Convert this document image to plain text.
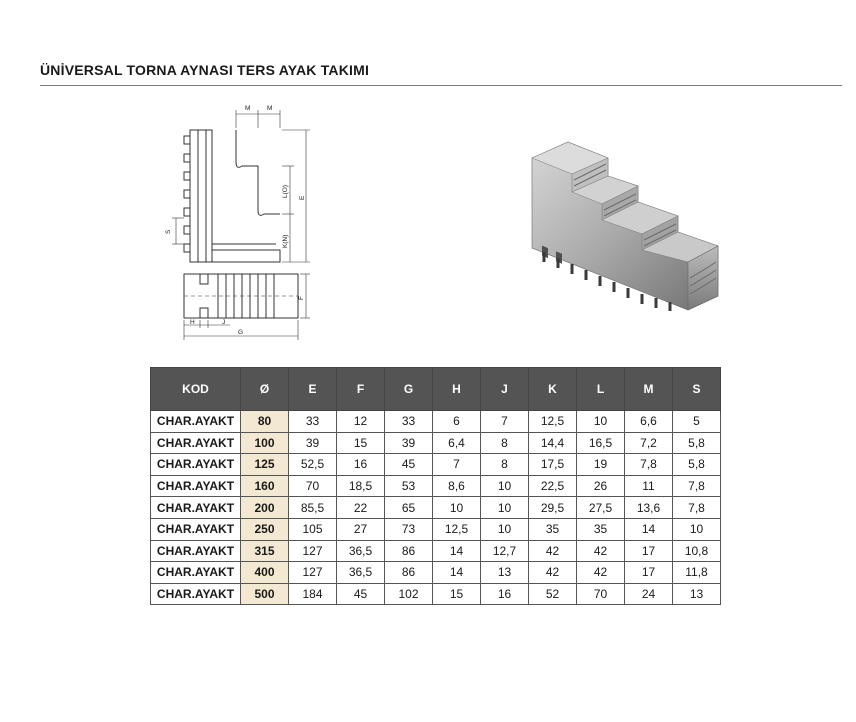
ÜNİVERSAL TORNA AYNASI TERS AYAK TAKIMI
M	M
L(O) E
S
K(N)
F
H	J
G
KOD	Ø	E	F	G	H	J	K	L	M	S
CHAR.AYAKT	80	33	12	33	6	7	12,5	10	6,6	5
CHAR.AYAKT	100	39	15	39	6,4	8	14,4	16,5	7,2	5,8
CHAR.AYAKT	125	52,5	16	45	7	8	17,5	19	7,8	5,8
CHAR.AYAKT	160	70	18,5	53	8,6	10	22,5	26	11	7,8
CHAR.AYAKT	200	85,5	22	65	10	10	29,5	27,5	13,6	7,8
CHAR.AYAKT	250	105	27	73	12,5	10	35	35	14	10
CHAR.AYAKT	315	127	36,5	86	14	12,7	42	42	17	10,8
CHAR.AYAKT	400	127	36,5	86	14	13	42	42	17	11,8
CHAR.AYAKT	500	184	45	102	15	16	52	70	24	13
